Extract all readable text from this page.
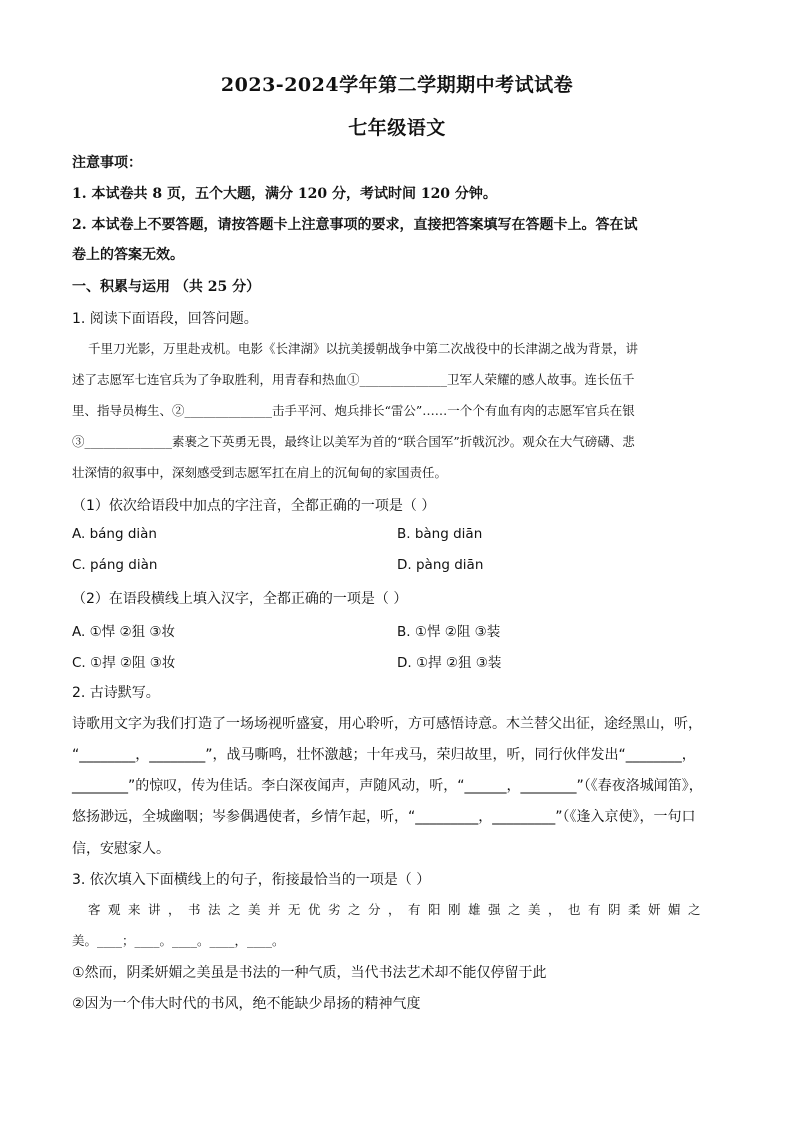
2023-2024学年第二学期期中考试试卷
七年级语文
注意事项：
1. 本试卷共 8 页，五个大题，满分 120 分，考试时间 120 分钟。
2. 本试卷上不要答题，请按答题卡上注意事项的要求，直接把答案填写在答题卡上。答在试
卷上的答案无效。
一、积累与运用 （共 25 分）
1. 阅读下面语段，回答问题。
千里刀光影，万里赴戎机。电影《长津湖》以抗美援朝战争中第二次战役中的长津湖之战为背景，讲
述了志愿军七连官兵为了争取胜利，用青春和热血①______________卫军人荣耀的感人故事。连长伍千
里、指导员梅生、②______________击手平河、炮兵排长“雷公”……一个个有血有肉的志愿军官兵在银
③______________素裹之下英勇无畏，最终让以美军为首的“联合国军”折戟沉沙。观众在大气磅礴、悲
壮深情的叙事中，深刻感受到志愿军扛在肩上的沉甸甸的家国责任。
（1）依次给语段中加点的字注音，全都正确的一项是（ ）
A. báng diàn	B. bàng diān
C. páng diàn	D. pàng diān
（2）在语段横线上填入汉字，全都正确的一项是（ ）
A. ①悍 ②狙 ③妆	B. ①悍 ②阻 ③装
C. ①捍 ②阻 ③妆	D. ①捍 ②狙 ③装
2. 古诗默写。
诗歌用文字为我们打造了一场场视听盛宴，用心聆听，方可感悟诗意。木兰替父出征，途经黑山，听，
“________，________”，战马嘶鸣，壮怀激越；十年戎马，荣归故里，听，同行伙伴发出“________，
________”的惊叹，传为佳话。李白深夜闻声，声随风动，听，“______，________”（《春夜洛城闻笛》，
悠扬渺远，全城幽咽；岑参偶遇使者，乡情乍起，听，“_________，_________”（《逢入京使》，一句口
信，安慰家人。
3. 依次填入下面横线上的句子，衔接最恰当的一项是（ ）
客观来讲，书法之美并无优劣之分，有阳刚雄强之美，也有阴柔妍媚之
美。____；____。____。____，____。
①然而，阴柔妍媚之美虽是书法的一种气质，当代书法艺术却不能仅停留于此
②因为一个伟大时代的书风，绝不能缺少昂扬的精神气度
